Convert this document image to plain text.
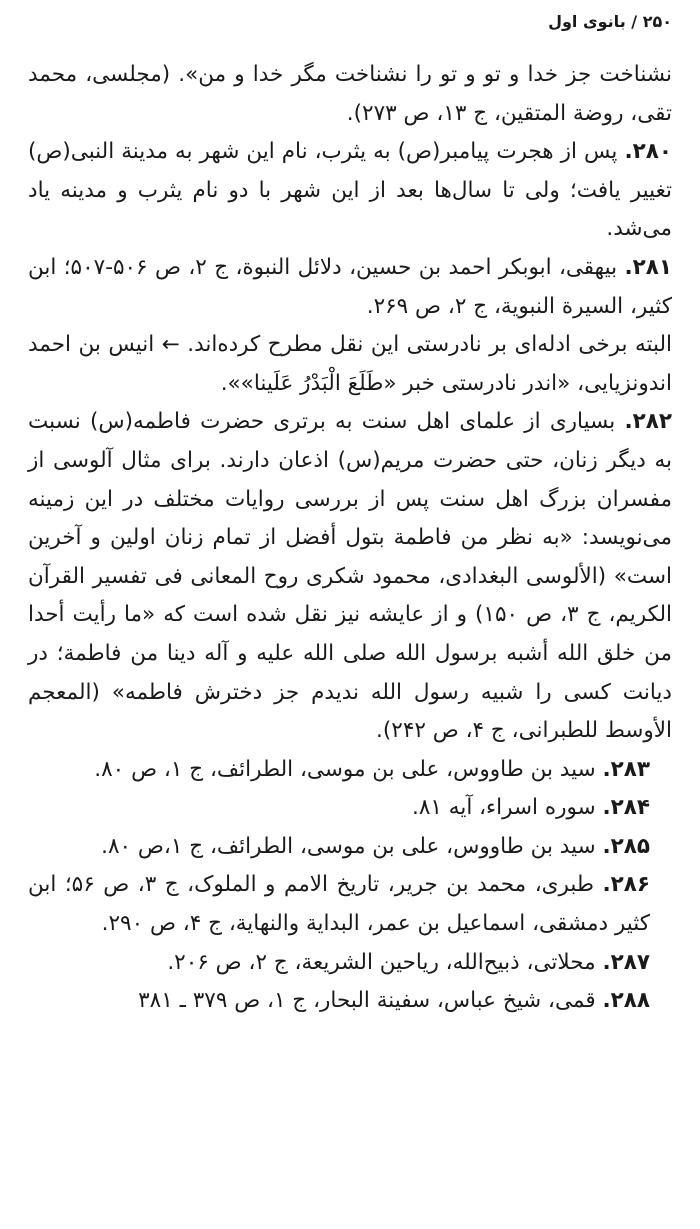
۲۵۰ / بانوی اول

نشناخت جز خدا و تو و تو را نشناخت مگر خدا و من». (مجلسی، محمد تقی، روضة المتقین، ج ۱۳، ص ۲۷۳).

۲۸۰. پس از هجرت پیامبر(ص) به یثرب، نام این شهر به مدینة النبی(ص) تغییر یافت؛ ولی تا سال‌ها بعد از این شهر با دو نام یثرب و مدینه یاد می‌شد.

۲۸۱. بیهقی، ابوبکر احمد بن حسین، دلائل النبوة، ج ۲، ص ۵۰۶-۵۰۷؛ ابن کثیر، السیرة النبویة، ج ۲، ص ۲۶۹.

البته برخی ادله‌ای بر نادرستی این نقل مطرح کرده‌اند. ← انیس بن احمد اندونزیایی، «اندر نادرستی خبر «طَلَعَ الْبَدْرُ عَلَینا»».

۲۸۲. بسیاری از علمای اهل سنت به برتری حضرت فاطمه(س) نسبت به دیگر زنان، حتی حضرت مریم(س) اذعان دارند. برای مثال آلوسی از مفسران بزرگ اهل سنت پس از بررسی روایات مختلف در این زمینه می‌نویسد: «به نظر من فاطمة بتول أفضل از تمام زنان اولین و آخرین است» (الألوسی البغدادی، محمود شکری روح المعانی فی تفسیر القرآن الکریم، ج ۳، ص ۱۵۰) و از عایشه نیز نقل شده است که «ما رأیت أحدا من خلق الله أشبه برسول الله صلی الله علیه و آله دینا من فاطمة؛ در دیانت کسی را شبیه رسول الله ندیدم جز دخترش فاطمه» (المعجم الأوسط للطبرانی، ج ۴، ص ۲۴۲).

۲۸۳. سید بن طاووس، علی بن موسی، الطرائف، ج ۱، ص ۸۰.

۲۸۴. سوره اسراء، آیه ۸۱.

۲۸۵. سید بن طاووس، علی بن موسی، الطرائف، ج ۱،ص ۸۰.

۲۸۶. طبری، محمد بن جریر، تاریخ الامم و الملوک، ج ۳، ص ۵۶؛ ابن کثیر دمشقی، اسماعیل بن عمر، البدایة والنهایة، ج ۴، ص ۲۹۰.

۲۸۷. محلاتی، ذبیح‌الله، ریاحین الشریعة، ج ۲، ص ۲۰۶.

۲۸۸. قمی، شیخ عباس، سفینة البحار، ج ۱، ص ۳۷۹ ـ ۳۸۱
